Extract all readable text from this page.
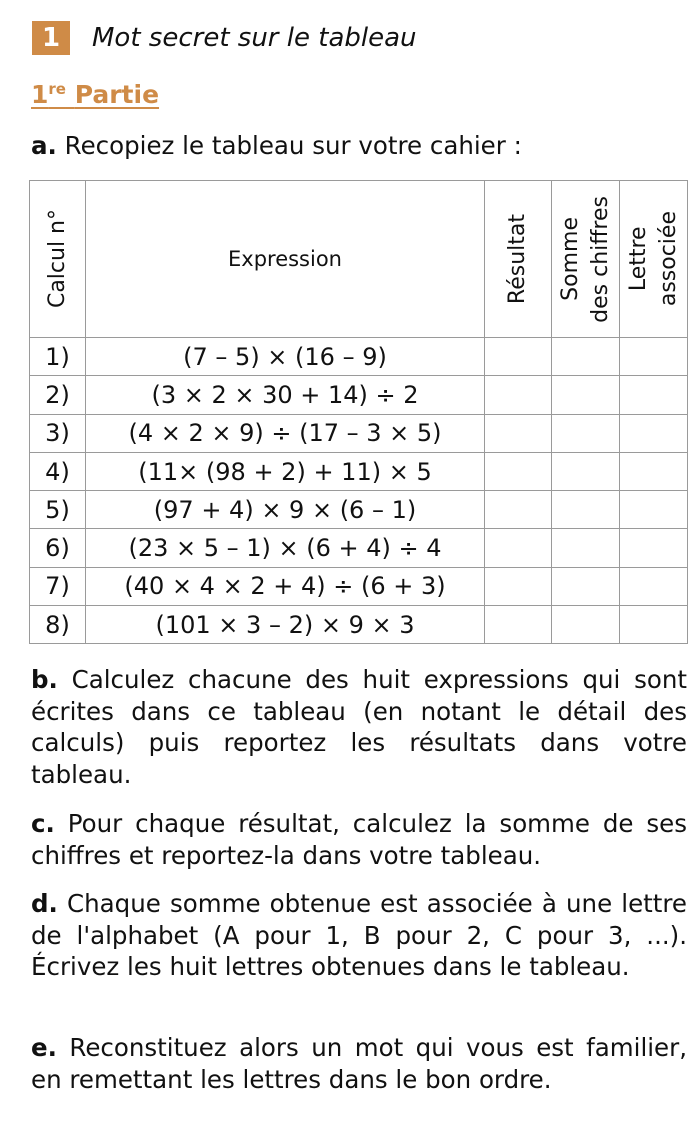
1	Mot secret sur le tableau
1re Partie
a. Recopiez le tableau sur votre cahier :
Calcul n°	Expression	Résultat	Somme des chiffres	Lettre associée

1)	(7 – 5) × (16 – 9)			
2)	(3 × 2 × 30 + 14) ÷ 2			
3)	(4 × 2 × 9) ÷ (17 – 3 × 5)			
4)	(11× (98 + 2) + 11) × 5			
5)	(97 + 4) × 9 × (6 – 1)			
6)	(23 × 5 – 1) × (6 + 4) ÷ 4			
7)	(40 × 4 × 2 + 4) ÷ (6 + 3)			
8)	(101 × 3 – 2) × 9 × 3			
b. Calculez chacune des huit expressions qui sont écrites dans ce tableau (en notant le détail des calculs) puis reportez les résultats dans votre tableau.
c. Pour chaque résultat, calculez la somme de ses chiffres et reportez-la dans votre tableau.
d. Chaque somme obtenue est associée à une lettre de l'alphabet (A pour 1, B pour 2, C pour 3, ...). Écrivez les huit lettres obtenues dans le tableau.
e. Reconstituez alors un mot qui vous est familier, en remettant les lettres dans le bon ordre.
